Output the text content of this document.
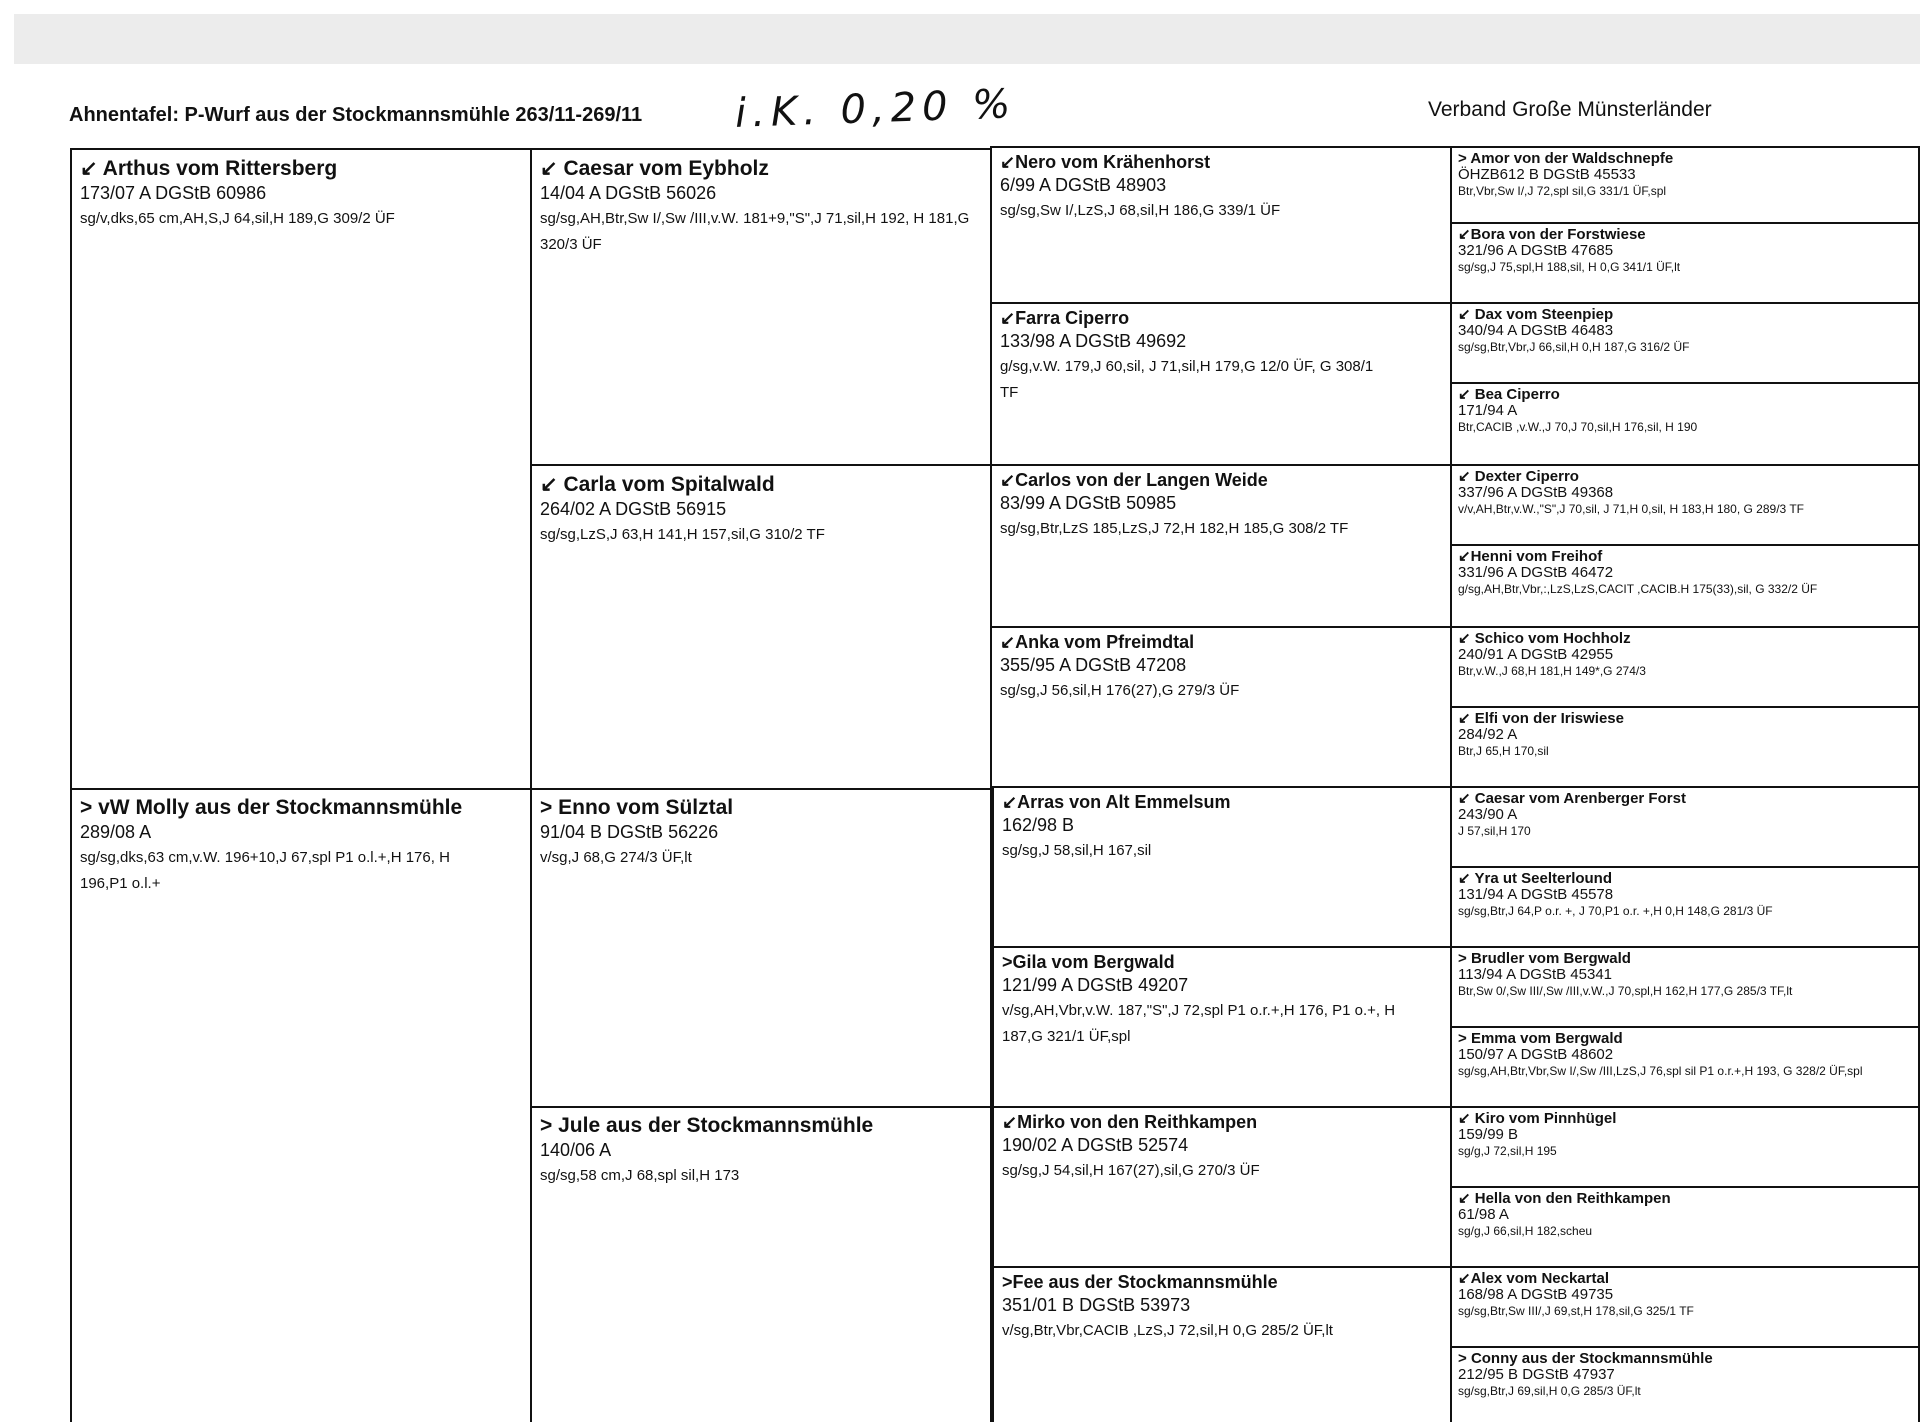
Ahnentafel: P-Wurf aus der Stockmannsmühle 263/11-269/11 i.K. 0,20 %	Verband Große Münsterländer
↙ Arthus vom Rittersberg
173/07 A DGStB 60986
sg/v,dks,65 cm,AH,S,J 64,sil,H 189,G 309/2 ÜF
> vW Molly aus der Stockmannsmühle
289/08 A
sg/sg,dks,63 cm,v.W. 196+10,J 67,spl P1 o.l.+,H 176, H 196,P1 o.l.+
↙ Caesar vom Eybholz
14/04 A DGStB 56026
sg/sg,AH,Btr,Sw I/,Sw /III,v.W. 181+9,"S",J 71,sil,H 192, H 181,G 320/3 ÜF
↙ Carla vom Spitalwald
264/02 A DGStB 56915
sg/sg,LzS,J 63,H 141,H 157,sil,G 310/2 TF
> Enno vom Sülztal
91/04 B DGStB 56226
v/sg,J 68,G 274/3 ÜF,lt
> Jule aus der Stockmannsmühle
140/06 A
sg/sg,58 cm,J 68,spl sil,H 173
↙Nero vom Krähenhorst
6/99 A DGStB 48903
sg/sg,Sw I/,LzS,J 68,sil,H 186,G 339/1 ÜF
↙Farra Ciperro
133/98 A DGStB 49692
g/sg,v.W. 179,J 60,sil, J 71,sil,H 179,G 12/0 ÜF, G 308/1 TF
↙Carlos von der Langen Weide
83/99 A DGStB 50985
sg/sg,Btr,LzS 185,LzS,J 72,H 182,H 185,G 308/2 TF
↙Anka vom Pfreimdtal
355/95 A DGStB 47208
sg/sg,J 56,sil,H 176(27),G 279/3 ÜF
↙Arras von Alt Emmelsum
162/98 B
sg/sg,J 58,sil,H 167,sil
>Gila vom Bergwald
121/99 A DGStB 49207
v/sg,AH,Vbr,v.W. 187,"S",J 72,spl P1 o.r.+,H 176, P1 o.+, H 187,G 321/1 ÜF,spl
↙Mirko von den Reithkampen
190/02 A DGStB 52574
sg/sg,J 54,sil,H 167(27),sil,G 270/3 ÜF
>Fee aus der Stockmannsmühle
351/01 B DGStB 53973
v/sg,Btr,Vbr,CACIB ,LzS,J 72,sil,H 0,G 285/2 ÜF,lt
> Amor von der Waldschnepfe
ÖHZB612 B DGStB 45533
Btr,Vbr,Sw I/,J 72,spl sil,G 331/1 ÜF,spl
↙Bora von der Forstwiese
321/96 A DGStB 47685
sg/sg,J 75,spl,H 188,sil, H 0,G 341/1 ÜF,lt
↙ Dax vom Steenpiep
340/94 A DGStB 46483
sg/sg,Btr,Vbr,J 66,sil,H 0,H 187,G 316/2 ÜF
↙ Bea Ciperro
171/94 A
Btr,CACIB ,v.W.,J 70,J 70,sil,H 176,sil, H 190
↙ Dexter Ciperro
337/96 A DGStB 49368
v/v,AH,Btr,v.W.,"S",J 70,sil, J 71,H 0,sil, H 183,H 180, G 289/3 TF
↙Henni vom Freihof
331/96 A DGStB 46472
g/sg,AH,Btr,Vbr,:,LzS,LzS,CACIT ,CACIB.H 175(33),sil, G 332/2 ÜF
↙ Schico vom Hochholz
240/91 A DGStB 42955
Btr,v.W.,J 68,H 181,H 149*,G 274/3
↙ Elfi von der Iriswiese
284/92 A
Btr,J 65,H 170,sil
↙ Caesar vom Arenberger Forst
243/90 A
J 57,sil,H 170
↙ Yra ut Seelterlound
131/94 A DGStB 45578
sg/sg,Btr,J 64,P o.r. +, J 70,P1 o.r. +,H 0,H 148,G 281/3 ÜF
> Brudler vom Bergwald
113/94 A DGStB 45341
Btr,Sw 0/,Sw III/,Sw /III,v.W.,J 70,spl,H 162,H 177,G 285/3 TF,lt
> Emma vom Bergwald
150/97 A DGStB 48602
sg/sg,AH,Btr,Vbr,Sw I/,Sw /III,LzS,J 76,spl sil P1 o.r.+,H 193, G 328/2 ÜF,spl
↙ Kiro vom Pinnhügel
159/99 B
sg/g,J 72,sil,H 195
↙ Hella von den Reithkampen
61/98 A
sg/g,J 66,sil,H 182,scheu
↙Alex vom Neckartal
168/98 A DGStB 49735
sg/sg,Btr,Sw III/,J 69,st,H 178,sil,G 325/1 TF
> Conny aus der Stockmannsmühle
212/95 B DGStB 47937
sg/sg,Btr,J 69,sil,H 0,G 285/3 ÜF,lt
